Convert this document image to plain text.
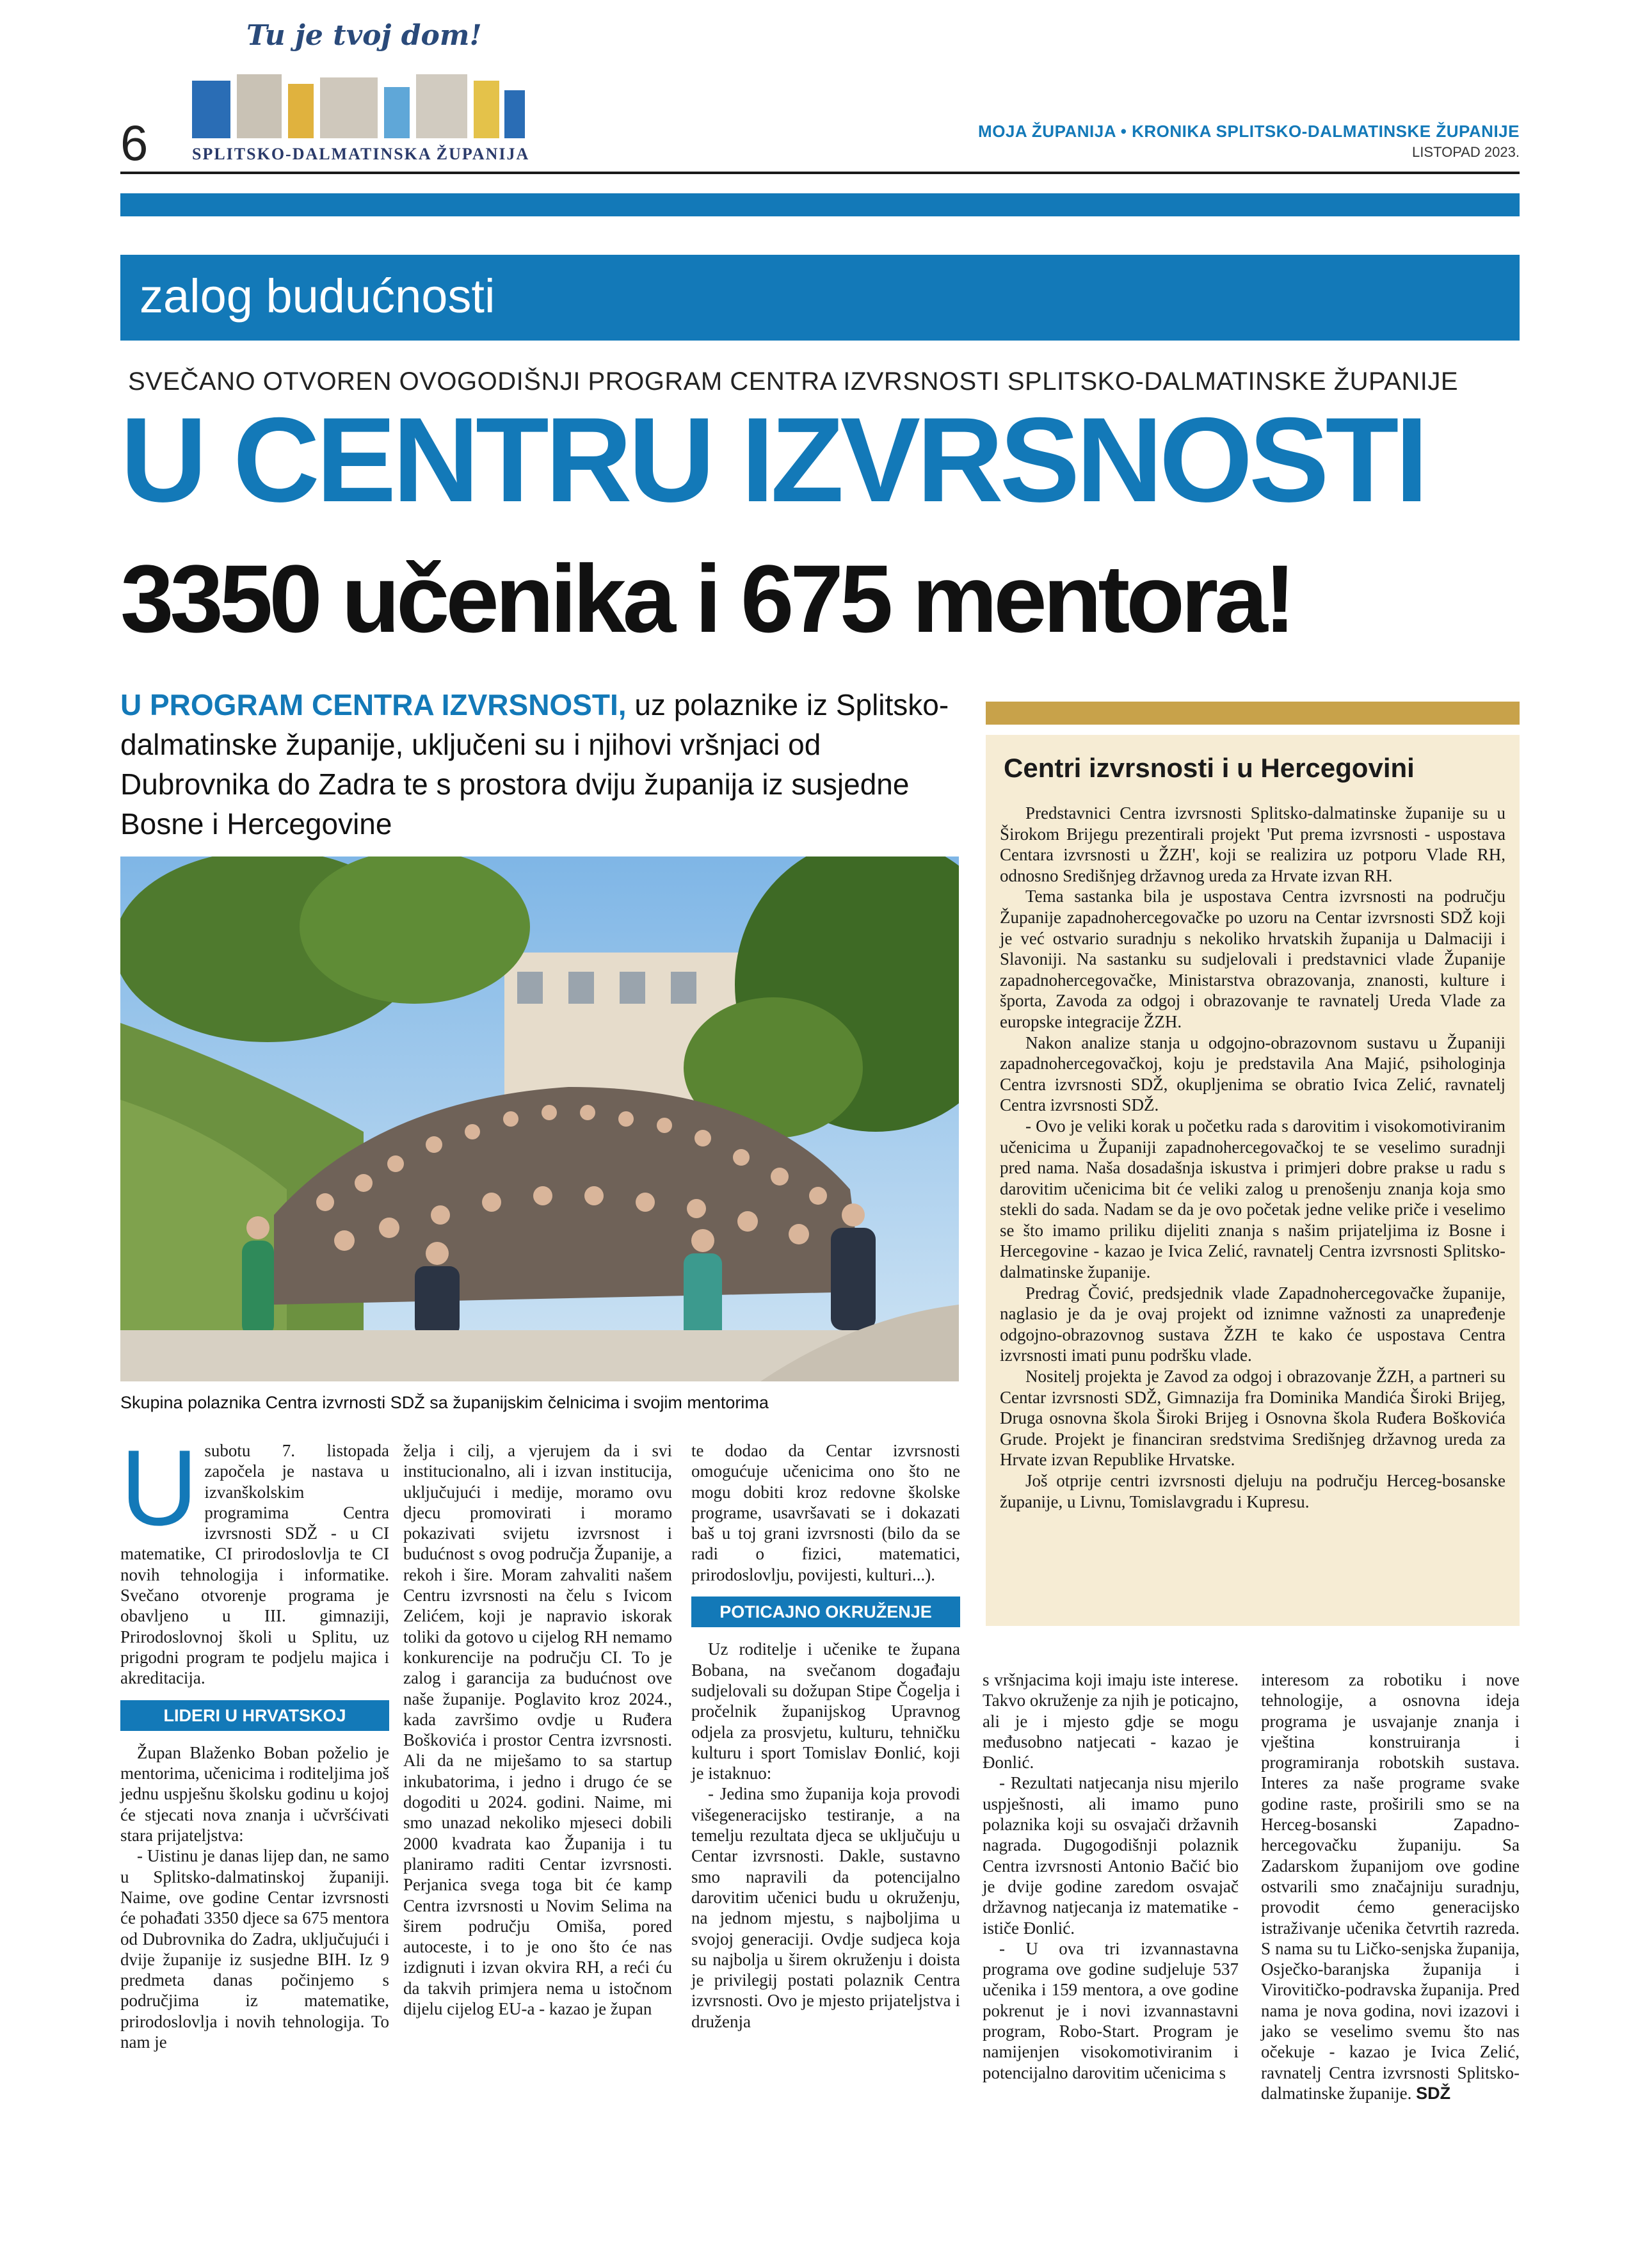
Tu je tvoj dom!
SPLITSKO-DALMATINSKA ŽUPANIJA
6	MOJA ŽUPANIJA • KRONIKA SPLITSKO-DALMATINSKE ŽUPANIJE
LISTOPAD 2023.
zalog budućnosti
SVEČANO OTVOREN OVOGODIŠNJI PROGRAM CENTRA IZVRSNOSTI SPLITSKO-DALMATINSKE ŽUPANIJE
U CENTRU IZVRSNOSTI
3350 učenika i 675 mentora!
U PROGRAM CENTRA IZVRSNOSTI, uz polaznike iz Splitsko-dalmatinske županije, uključeni su i njihovi vršnjaci od Dubrovnika do Zadra te s prostora dviju županija iz susjedne Bosne i Hercegovine
Skupina polaznika Centra izvrnosti SDŽ sa županijskim čelnicima i svojim mentorima
Centri izvrsnosti i u Hercegovini

Predstavnici Centra izvrsnosti Splitsko-dalmatinske županije su u Širokom Brijegu prezentirali projekt 'Put prema izvrsnosti - uspostava Centara izvrsnosti u ŽZH', koji se realizira uz potporu Vlade RH, odnosno Središnjeg državnog ureda za Hrvate izvan RH.

Tema sastanka bila je uspostava Centra izvrsnosti na području Županije zapadnohercegovačke po uzoru na Centar izvrsnosti SDŽ koji je već ostvario suradnju s nekoliko hrvatskih županija u Dalmaciji i Slavoniji. Na sastanku su sudjelovali i predstavnici vlade Županije zapadnohercegovačke, Ministarstva obrazovanja, znanosti, kulture i športa, Zavoda za odgoj i obrazovanje te ravnatelj Ureda Vlade za europske integracije ŽZH.

Nakon analize stanja u odgojno-obrazovnom sustavu u Županiji zapadnohercegovačkoj, koju je predstavila Ana Majić, psihologinja Centra izvrsnosti SDŽ, okupljenima se obratio Ivica Zelić, ravnatelj Centra izvrsnosti SDŽ.

- Ovo je veliki korak u početku rada s darovitim i visokomotiviranim učenicima u Županiji zapadnohercegovačkoj te se veselimo suradnji pred nama. Naša dosadašnja iskustva i primjeri dobre prakse u radu s darovitim učenicima bit će veliki zalog u prenošenju znanja koja smo stekli do sada. Nadam se da je ovo početak jedne velike priče i veselimo se što imamo priliku dijeliti znanja s našim prijateljima iz Bosne i Hercegovine - kazao je Ivica Zelić, ravnatelj Centra izvrsnosti Splitsko-dalmatinske županije.

Predrag Čović, predsjednik vlade Zapadnohercegovačke županije, naglasio je da je ovaj projekt od iznimne važnosti za unapređenje odgojno-obrazovnog sustava ŽZH te kako će uspostava Centra izvrsnosti imati punu podršku vlade.

Nositelj projekta je Zavod za odgoj i obrazovanje ŽZH, a partneri su Centar izvrsnosti SDŽ, Gimnazija fra Dominika Mandića Široki Brijeg, Druga osnovna škola Široki Brijeg i Osnovna škola Ruđera Boškovića Grude. Projekt je financiran sredstvima Središnjeg državnog ureda za Hrvate izvan Republike Hrvatske.

Još otprije centri izvrsnosti djeluju na području Herceg-bosanske županije, u Livnu, Tomislavgradu i Kupresu.

U subotu 7. listopada započela je nastava u izvanškolskim programima Centra izvrsnosti SDŽ - u CI matematike, CI prirodoslovlja te CI novih tehnologija i informatike. Svečano otvorenje programa je obavljeno u III. gimnaziji, Prirodoslovnoj školi u Splitu, uz prigodni program te podjelu majica i akreditacija.

LIDERI U HRVATSKOJ

Župan Blaženko Boban poželio je mentorima, učenicima i roditeljima još jednu uspješnu školsku godinu u kojoj će stjecati nova znanja i učvršćivati stara prijateljstva:

- Uistinu je danas lijep dan, ne samo u Splitsko-dalmatinskoj županiji. Naime, ove godine Centar izvrsnosti će pohađati 3350 djece sa 675 mentora od Dubrovnika do Zadra, uključujući i dvije županije iz susjedne BIH. Iz 9 predmeta danas počinjemo s područjima iz matematike, prirodoslovlja i novih tehnologija. To nam je

želja i cilj, a vjerujem da i svi institucionalno, ali i izvan institucija, uključujući i medije, moramo ovu djecu promovirati i moramo pokazivati svijetu izvrsnost i budućnost s ovog područja Županije, a rekoh i šire. Moram zahvaliti našem Centru izvrsnosti na čelu s Ivicom Zelićem, koji je napravio iskorak toliki da gotovo u cijelog RH nemamo konkurencije na području CI. To je zalog i garancija za budućnost ove naše županije. Poglavito kroz 2024., kada završimo ovdje u Ruđera Boškovića i prostor Centra izvrsnosti. Ali da ne miješamo to sa startup inkubatorima, i jedno i drugo će se dogoditi u 2024. godini. Naime, mi smo unazad nekoliko mjeseci dobili 2000 kvadrata kao Županija i tu planiramo raditi Centar izvrsnosti. Perjanica svega toga bit će kamp Centra izvrsnosti u Novim Selima na širem području Omiša, pored autoceste, i to je ono što će nas izdignuti i izvan okvira RH, a reći ću da takvih primjera nema u istočnom dijelu cijelog EU-a - kazao je župan

te dodao da Centar izvrsnosti omogućuje učenicima ono što ne mogu dobiti kroz redovne školske programe, usavršavati se i dokazati baš u toj grani izvrsnosti (bilo da se radi o fizici, matematici, prirodoslovlju, povijesti, kulturi...).

POTICAJNO OKRUŽENJE

Uz roditelje i učenike te župana Bobana, na svečanom događaju sudjelovali su dožupan Stipe Čogelja i pročelnik županijskog Upravnog odjela za prosvjetu, kulturu, tehničku kulturu i sport Tomislav Đonlić, koji je istaknuo:

- Jedina smo županija koja provodi višegeneracijsko testiranje, a na temelju rezultata djeca se uključuju u Centar izvrsnosti. Dakle, sustavno smo napravili da potencijalno darovitim učenici budu u okruženju, na jednom mjestu, s najboljima u svojoj generaciji. Ovdje sudjeca koja su najbolja u širem okruženju i doista je privilegij postati polaznik Centra izvrsnosti. Ovo je mjesto prijateljstva i druženja

s vršnjacima koji imaju iste interese. Takvo okruženje za njih je poticajno, ali je i mjesto gdje se mogu međusobno natjecati - kazao je Đonlić.

- Rezultati natjecanja nisu mjerilo uspješnosti, ali imamo puno polaznika koji su osvajači državnih nagrada. Dugogodišnji polaznik Centra izvrsnosti Antonio Bačić bio je dvije godine zaredom osvajač državnog natjecanja iz matematike - ističe Đonlić.

- U ova tri izvannastavna programa ove godine sudjeluje 537 učenika i 159 mentora, a ove godine pokrenut je i novi izvannastavni program, Robo-Start. Program je namijenjen visokomotiviranim i potencijalno darovitim učenicima s

interesom za robotiku i nove tehnologije, a osnovna ideja programa je usvajanje znanja i vještina konstruiranja i programiranja robotskih sustava. Interes za naše programe svake godine raste, proširili smo se na Herceg-bosanski Zapadno-hercegovačku županiju. Sa Zadarskom županijom ove godine ostvarili smo značajniju suradnju, provodit ćemo generacijsko istraživanje učenika četvrtih razreda. S nama su tu Ličko-senjska županija, Osječko-baranjska županija i Virovitičko-podravska županija. Pred nama je nova godina, novi izazovi i jako se veselimo svemu što nas očekuje - kazao je Ivica Zelić, ravnatelj Centra izvrsnosti Splitsko-dalmatinske županije. SDŽ
